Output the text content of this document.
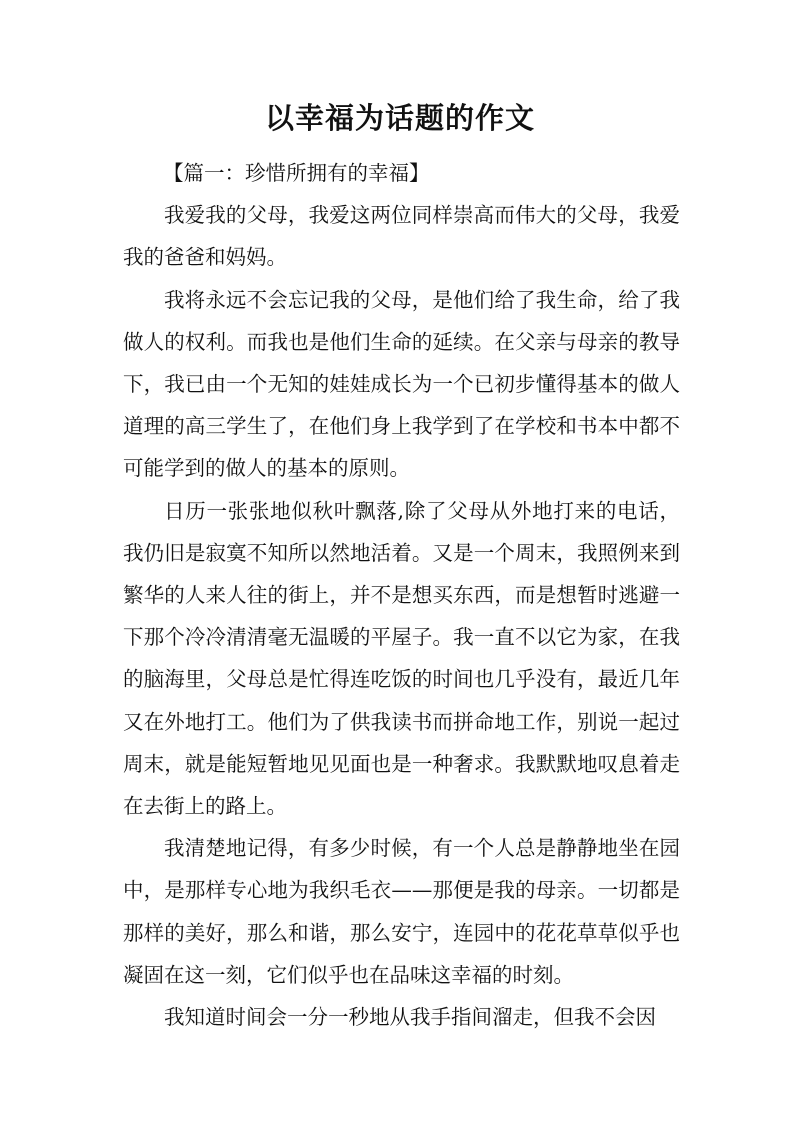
以幸福为话题的作文

【篇一：珍惜所拥有的幸福】

我爱我的父母，我爱这两位同样崇高而伟大的父母，我爱我的爸爸和妈妈。

我将永远不会忘记我的父母，是他们给了我生命，给了我做人的权利。而我也是他们生命的延续。在父亲与母亲的教导下，我已由一个无知的娃娃成长为一个已初步懂得基本的做人道理的高三学生了，在他们身上我学到了在学校和书本中都不可能学到的做人的基本的原则。

日历一张张地似秋叶飘落,除了父母从外地打来的电话，我仍旧是寂寞不知所以然地活着。又是一个周末，我照例来到繁华的人来人往的街上，并不是想买东西，而是想暂时逃避一下那个冷冷清清毫无温暖的平屋子。我一直不以它为家，在我的脑海里，父母总是忙得连吃饭的时间也几乎没有，最近几年又在外地打工。他们为了供我读书而拼命地工作，别说一起过周末，就是能短暂地见见面也是一种奢求。我默默地叹息着走在去街上的路上。

我清楚地记得，有多少时候，有一个人总是静静地坐在园中，是那样专心地为我织毛衣——那便是我的母亲。一切都是那样的美好，那么和谐，那么安宁，连园中的花花草草似乎也凝固在这一刻，它们似乎也在品味这幸福的时刻。

我知道时间会一分一秒地从我手指间溜走，但我不会因
